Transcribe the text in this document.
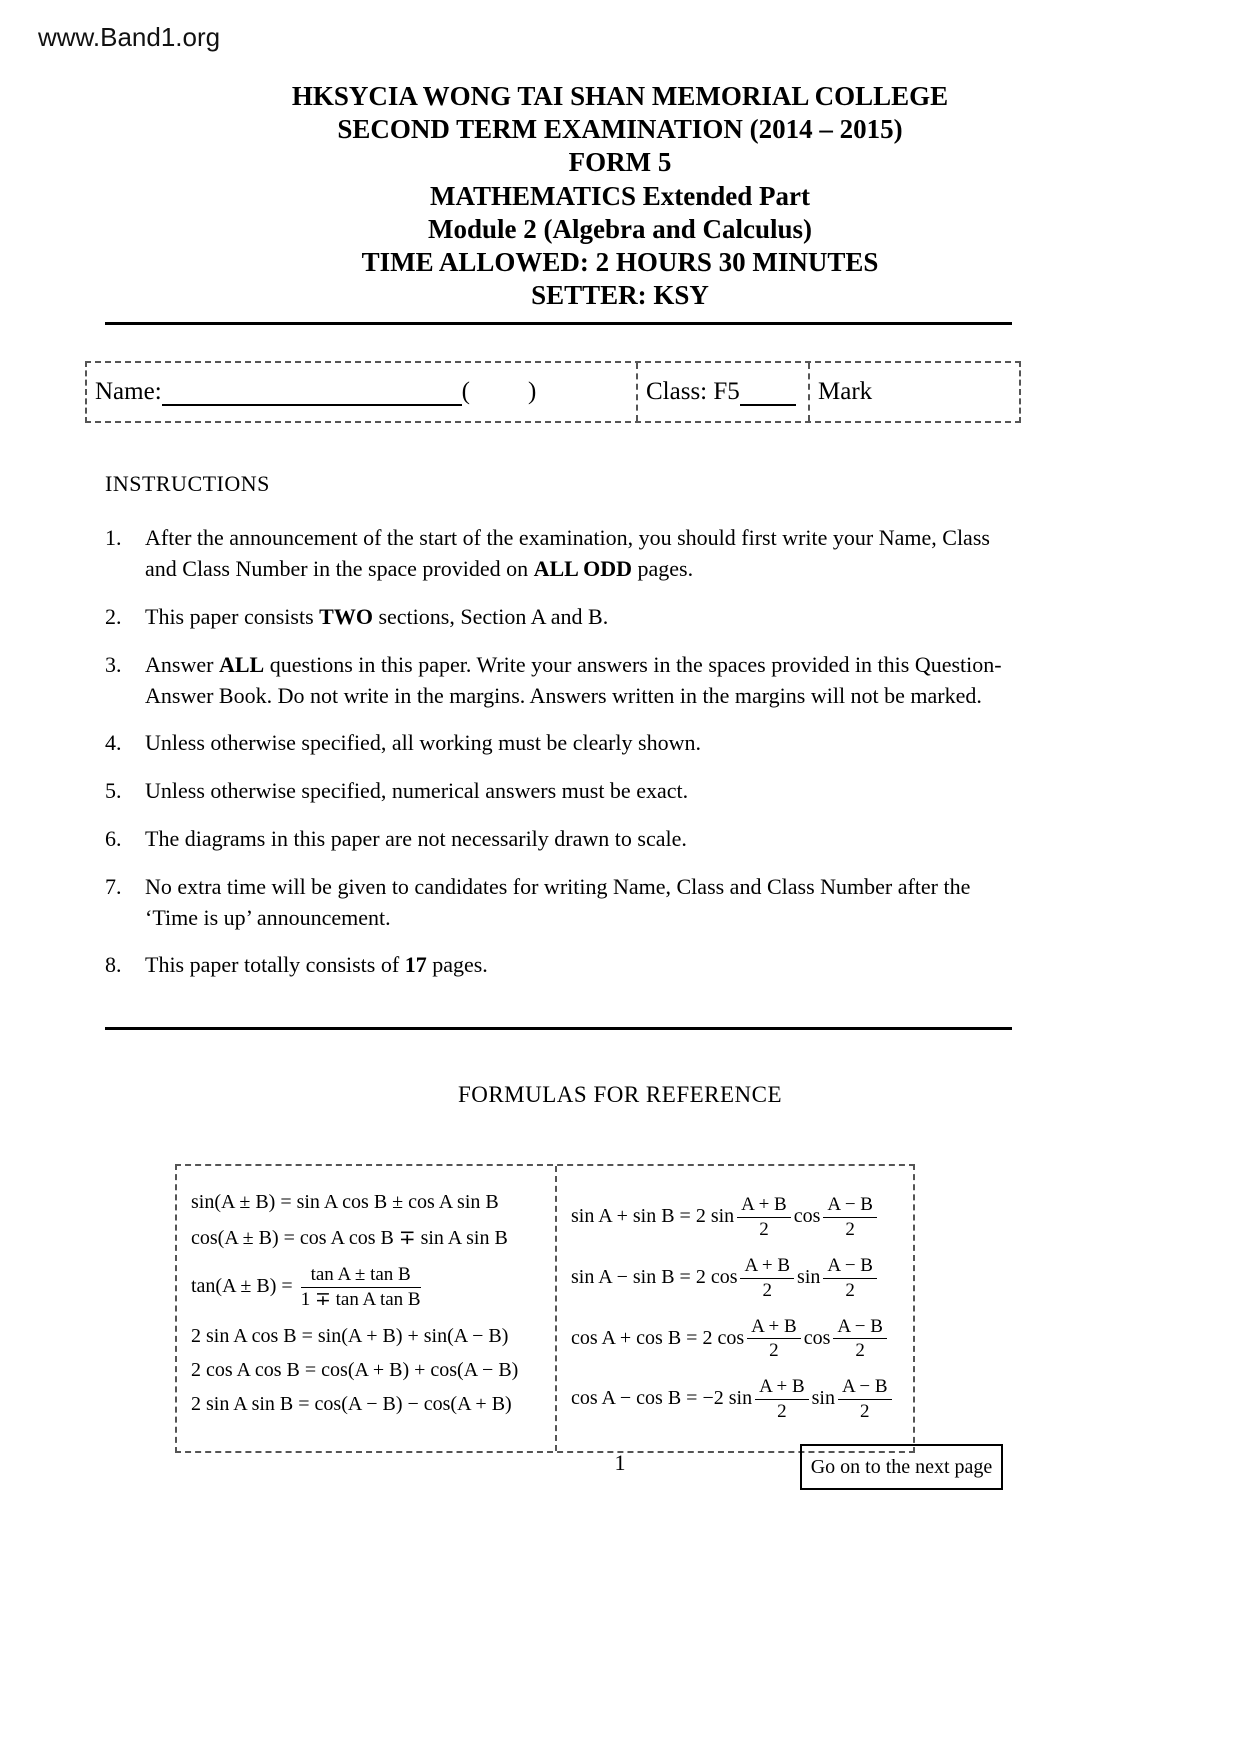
www.Band1.org
HKSYCIA WONG TAI SHAN MEMORIAL COLLEGE
SECOND TERM EXAMINATION (2014 – 2015)
FORM 5
MATHEMATICS Extended Part
Module 2 (Algebra and Calculus)
TIME ALLOWED: 2 HOURS 30 MINUTES
SETTER: KSY
Name:	( )	Class: F5	Mark
INSTRUCTIONS
1.	After the announcement of the start of the examination, you should first write your Name, Class and Class Number in the space provided on ALL ODD pages.
2.	This paper consists TWO sections, Section A and B.
3.	Answer ALL questions in this paper. Write your answers in the spaces provided in this Question-Answer Book. Do not write in the margins. Answers written in the margins will not be marked.
4.	Unless otherwise specified, all working must be clearly shown.
5.	Unless otherwise specified, numerical answers must be exact.
6.	The diagrams in this paper are not necessarily drawn to scale.
7.	No extra time will be given to candidates for writing Name, Class and Class Number after the ‘Time is up’ announcement.
8.	This paper totally consists of 17 pages.
FORMULAS FOR REFERENCE
sin(A ± B) = sin A cos B ± cos A sin B
cos(A ± B) = cos A cos B ∓ sin A sin B
$\tan(A \pm B) = \frac{\text{tan A ± tan B}}{\text{1 ∓ tan A tan B}}$
2 sin A cos B = sin(A + B) + sin(A − B)
2 cos A cos B = cos(A + B) + cos(A − B)
2 sin A sin B = cos(A − B) − cos(A + B)
sin A + sin B = 2 $\sin \frac{A + B}{2}$ $\cos \frac{A - B}{2}$
sin A − sin B = 2 $\cos \frac{A + B}{2}$ $\sin \frac{A - B}{2}$
cos A + cos B = 2 $\cos \frac{A + B}{2}$ $\cos \frac{A - B}{2}$
cos A − cos B = −2 $\sin \frac{A + B}{2}$ $\sin \frac{A - B}{2}$
1	Go on to the next page
